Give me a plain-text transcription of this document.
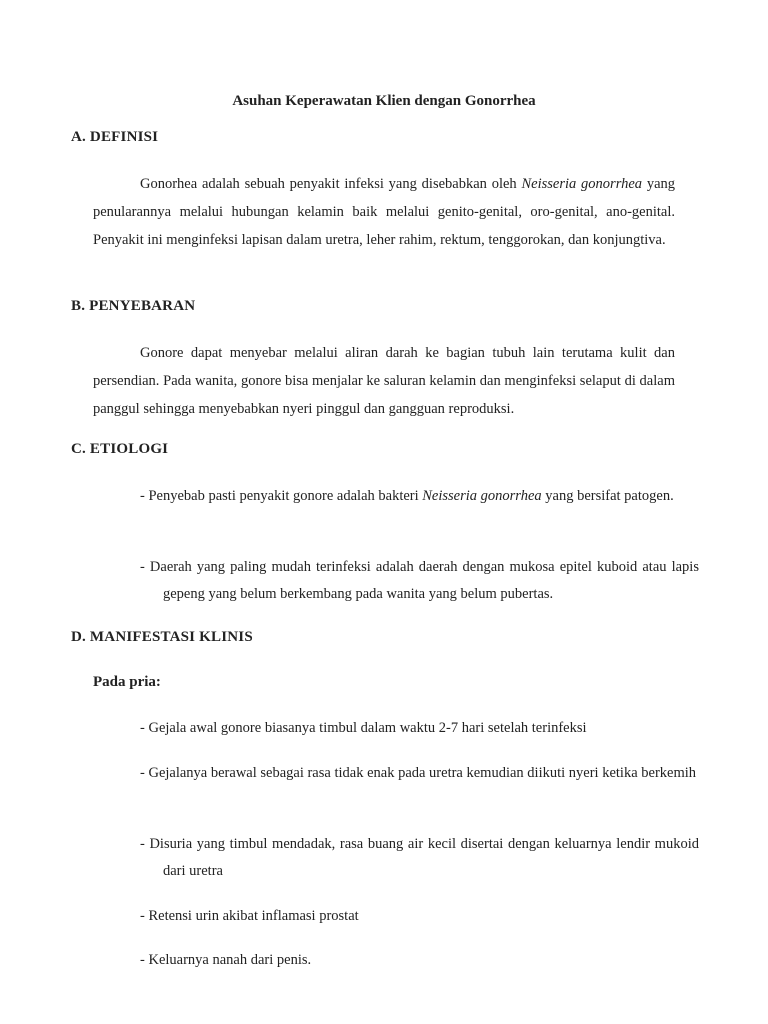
Asuhan Keperawatan Klien dengan Gonorrhea
A. DEFINISI

Gonorhea adalah sebuah penyakit infeksi yang disebabkan oleh Neisseria gonorrhea yang penularannya melalui hubungan kelamin baik melalui genito-genital, oro-genital, ano-genital. Penyakit ini menginfeksi lapisan dalam uretra, leher rahim, rektum, tenggorokan, dan konjungtiva.

B. PENYEBARAN

Gonore dapat menyebar melalui aliran darah ke bagian tubuh lain terutama kulit dan persendian. Pada wanita, gonore bisa menjalar ke saluran kelamin dan menginfeksi selaput di dalam panggul sehingga menyebabkan nyeri pinggul dan gangguan reproduksi.

C. ETIOLOGI

- Penyebab pasti penyakit gonore adalah bakteri Neisseria gonorrhea yang bersifat patogen.

- Daerah yang paling mudah terinfeksi adalah daerah dengan mukosa epitel kuboid atau lapis gepeng yang belum berkembang pada wanita yang belum pubertas.

D. MANIFESTASI KLINIS
Pada pria:

- Gejala awal gonore biasanya timbul dalam waktu 2-7 hari setelah terinfeksi

- Gejalanya berawal sebagai rasa tidak enak pada uretra kemudian diikuti nyeri ketika berkemih

- Disuria yang timbul mendadak, rasa buang air kecil disertai dengan keluarnya lendir mukoid dari uretra

- Retensi urin akibat inflamasi prostat

- Keluarnya nanah dari penis.
